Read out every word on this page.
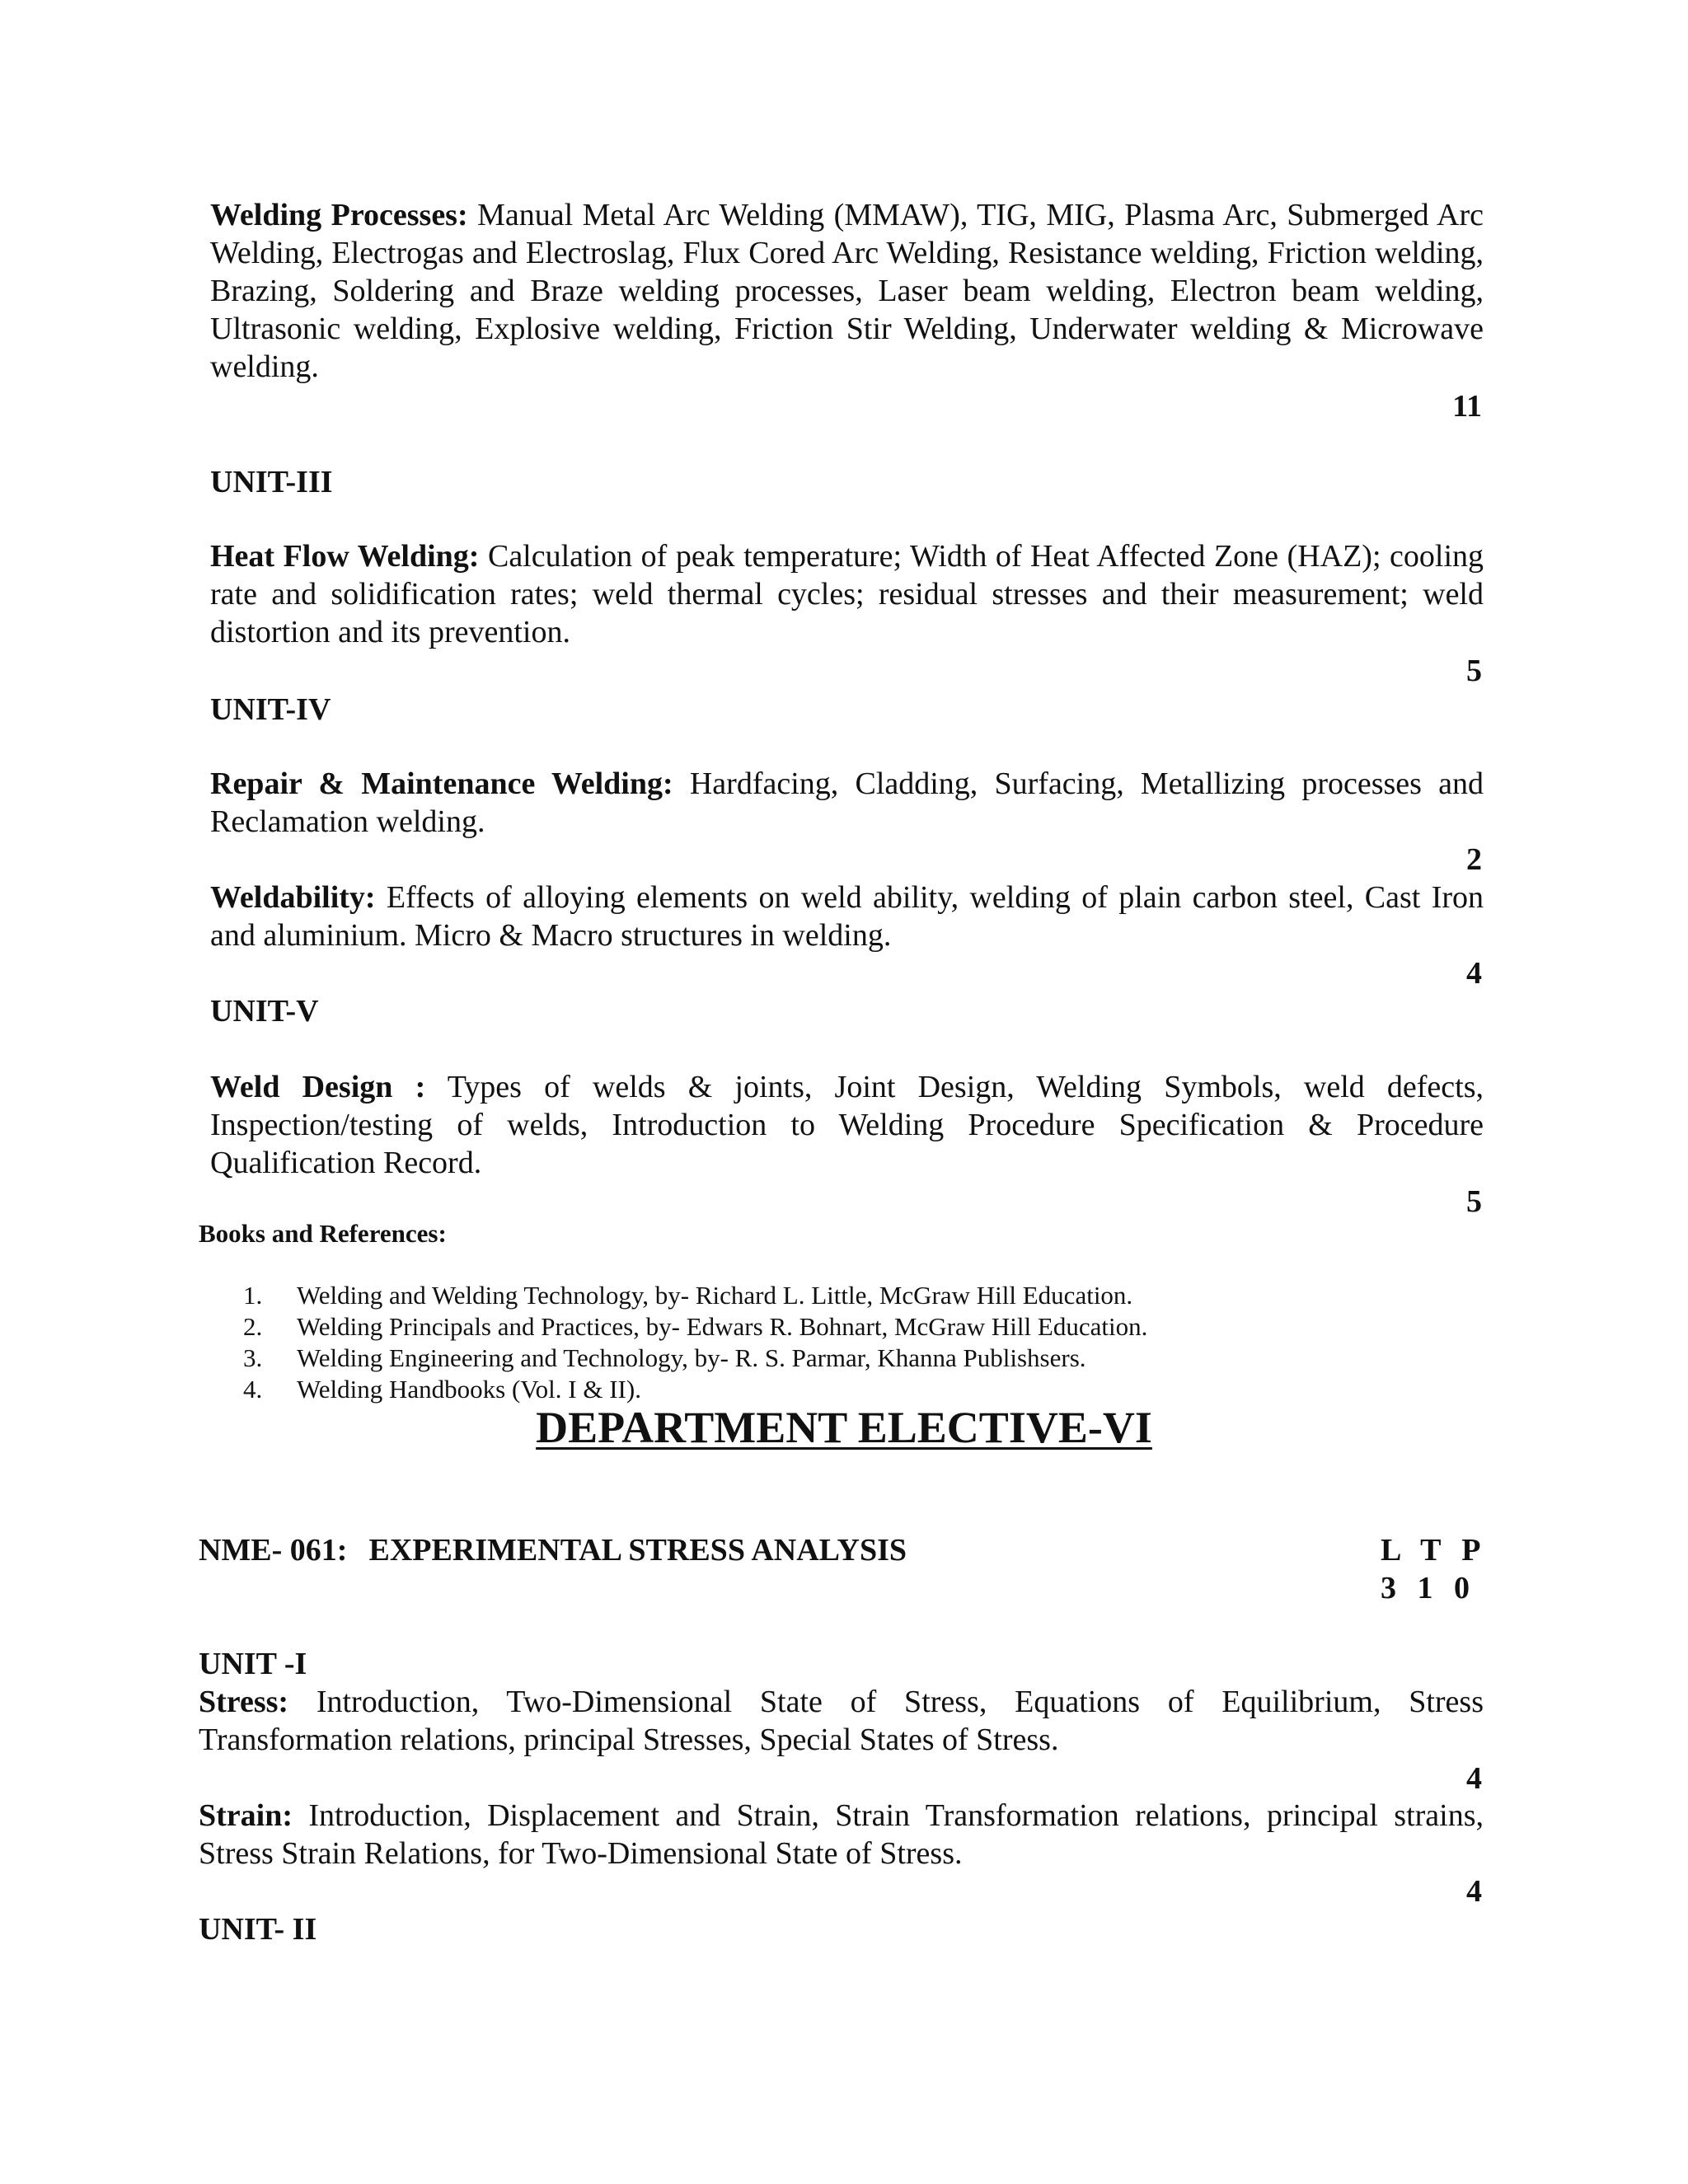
Welding Processes: Manual Metal Arc Welding (MMAW), TIG, MIG, Plasma Arc, Submerged Arc Welding, Electrogas and Electroslag, Flux Cored Arc Welding, Resistance welding, Friction welding, Brazing, Soldering and Braze welding processes, Laser beam welding, Electron beam welding, Ultrasonic welding, Explosive welding, Friction Stir Welding, Underwater welding & Microwave welding.

11
UNIT-III

Heat Flow Welding: Calculation of peak temperature; Width of Heat Affected Zone (HAZ); cooling rate and solidification rates; weld thermal cycles; residual stresses and their measurement; weld distortion and its prevention.

5
UNIT-IV

Repair & Maintenance Welding: Hardfacing, Cladding, Surfacing, Metallizing processes and Reclamation welding.

2

Weldability: Effects of alloying elements on weld ability, welding of plain carbon steel, Cast Iron and aluminium. Micro & Macro structures in welding.

4
UNIT-V

Weld Design : Types of welds & joints, Joint Design, Welding Symbols, weld defects, Inspection/testing of welds, Introduction to Welding Procedure Specification & Procedure Qualification Record.

5
Books and References:
1.	Welding and Welding Technology, by- Richard L. Little, McGraw Hill Education.
2.	Welding Principals and Practices, by- Edwars R. Bohnart, McGraw Hill Education.
3.	Welding Engineering and Technology, by- R. S. Parmar, Khanna Publishsers.
4.	Welding Handbooks (Vol. I & II).
DEPARTMENT ELECTIVE-VI
NME- 061: EXPERIMENTAL STRESS ANALYSIS	L T P
3 1 0
UNIT -I

Stress: Introduction, Two-Dimensional State of Stress, Equations of Equilibrium, Stress Transformation relations, principal Stresses, Special States of Stress.

4

Strain: Introduction, Displacement and Strain, Strain Transformation relations, principal strains, Stress Strain Relations, for Two-Dimensional State of Stress.

4
UNIT- II
